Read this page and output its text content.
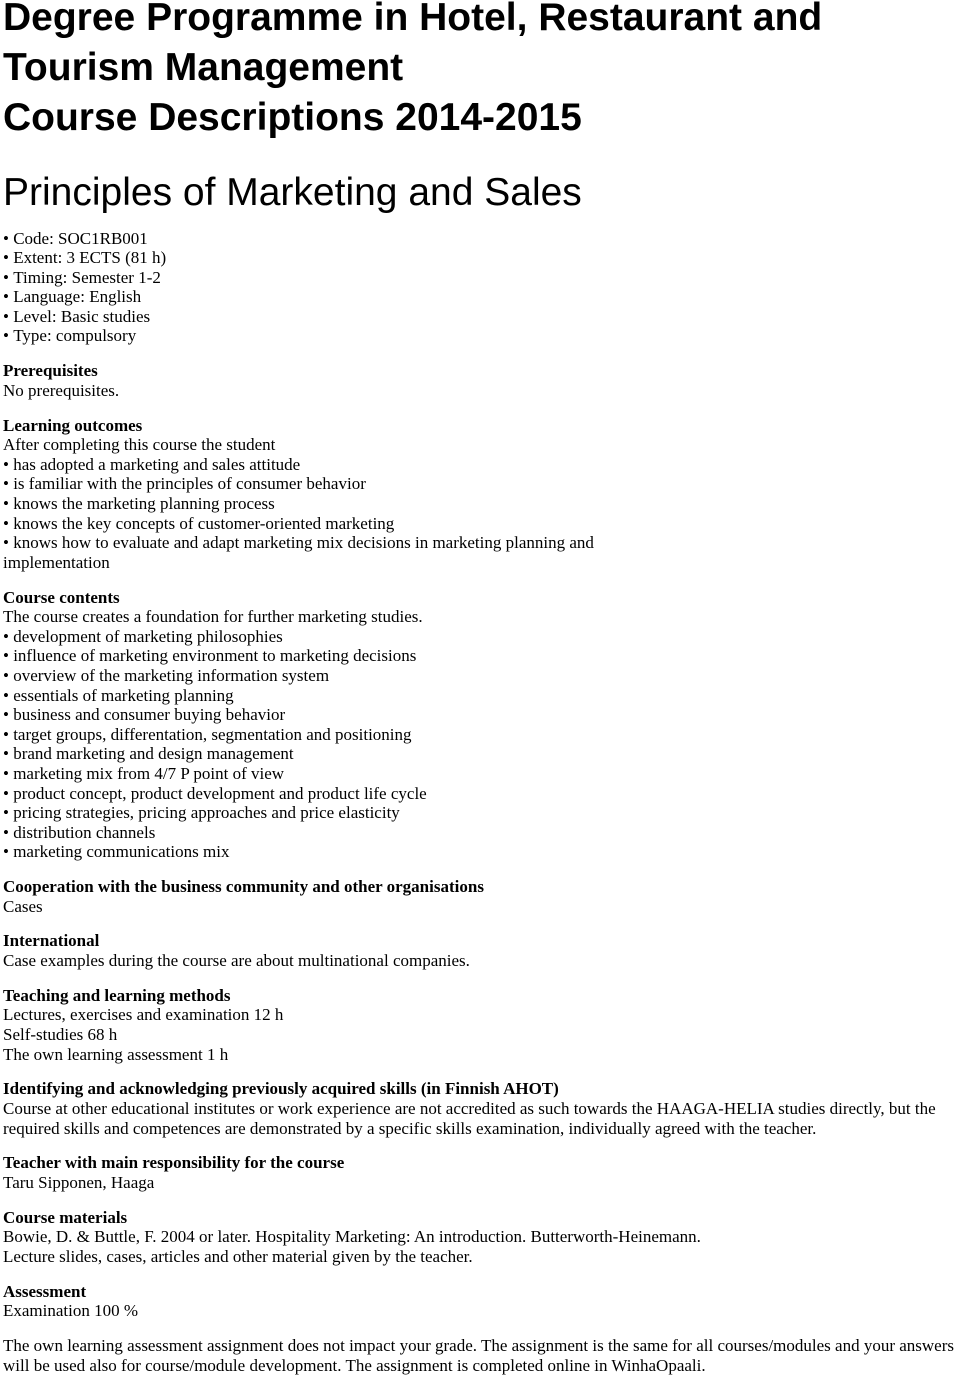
Degree Programme in Hotel, Restaurant and
Tourism Management
Course Descriptions 2014-2015
Principles of Marketing and Sales
• Code: SOC1RB001
• Extent: 3 ECTS (81 h)
• Timing: Semester 1-2
• Language: English
• Level: Basic studies
• Type: compulsory
Prerequisites
No prerequisites.
Learning outcomes
After completing this course the student
• has adopted a marketing and sales attitude
• is familiar with the principles of consumer behavior
• knows the marketing planning process
• knows the key concepts of customer-oriented marketing
• knows how to evaluate and adapt marketing mix decisions in marketing planning and
implementation
Course contents
The course creates a foundation for further marketing studies.
• development of marketing philosophies
• influence of marketing environment to marketing decisions
• overview of the marketing information system
• essentials of marketing planning
• business and consumer buying behavior
• target groups, differentation, segmentation and positioning
• brand marketing and design management
• marketing mix from 4/7 P point of view
• product concept, product development and product life cycle
• pricing strategies, pricing approaches and price elasticity
• distribution channels
• marketing communications mix
Cooperation with the business community and other organisations
Cases
International
Case examples during the course are about multinational companies.
Teaching and learning methods
Lectures, exercises and examination 12 h
Self-studies 68 h
The own learning assessment 1 h
Identifying and acknowledging previously acquired skills (in Finnish AHOT)
Course at other educational institutes or work experience are not accredited as such towards the HAAGA-HELIA studies directly, but the
required skills and competences are demonstrated by a specific skills examination, individually agreed with the teacher.
Teacher with main responsibility for the course
Taru Sipponen, Haaga
Course materials
Bowie, D. & Buttle, F. 2004 or later. Hospitality Marketing: An introduction. Butterworth-Heinemann.
Lecture slides, cases, articles and other material given by the teacher.
Assessment
Examination 100 %
The own learning assessment assignment does not impact your grade. The assignment is the same for all courses/modules and your answers
will be used also for course/module development. The assignment is completed online in WinhaOpaali.
